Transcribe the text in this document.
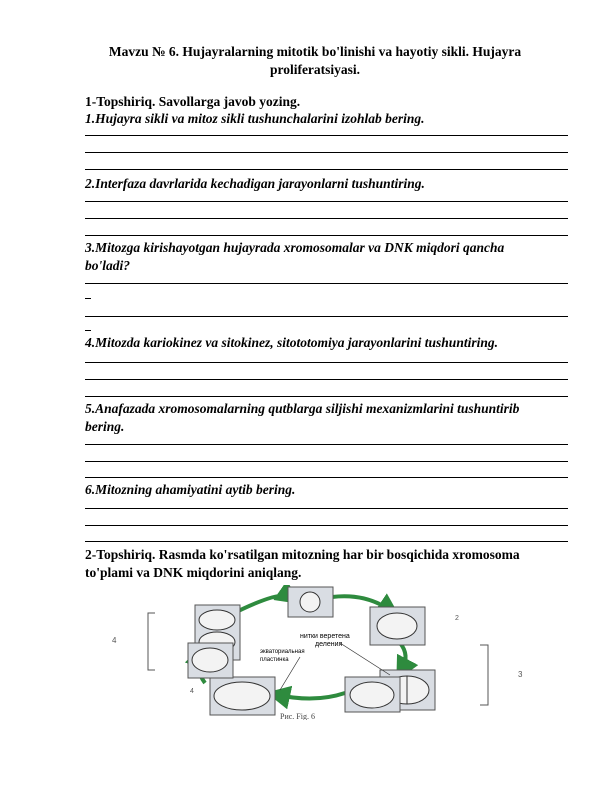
Mavzu № 6. Hujayralarning mitotik bo'linishi va hayotiy sikli. Hujayra proliferatsiyasi.
1-Topshiriq. Savollarga javob yozing.
1.Hujayra sikli va mitoz sikli tushunchalarini izohlab bering.
2.Interfaza davrlarida kechadigan jarayonlarni tushuntiring.
3.Mitozga kirishayotgan hujayrada xromosomalar va DNK miqdori qancha bo'ladi?
4.Mitozda kariokinez va sitokinez, sitototomiya jarayonlarini tushuntiring.
5.Anafazada xromosomalarning qutblarga siljishi mexanizmlarini tushuntirib bering.
6.Mitozning ahamiyatini aytib bering.
2-Topshiriq. Rasmda ko'rsatilgan mitozning har bir bosqichida xromosoma to'plami va DNK miqdorini aniqlang.
нитки веретена
деления
экваториальная
пластинка
4
3
2
4
Рис. Fig. 6
